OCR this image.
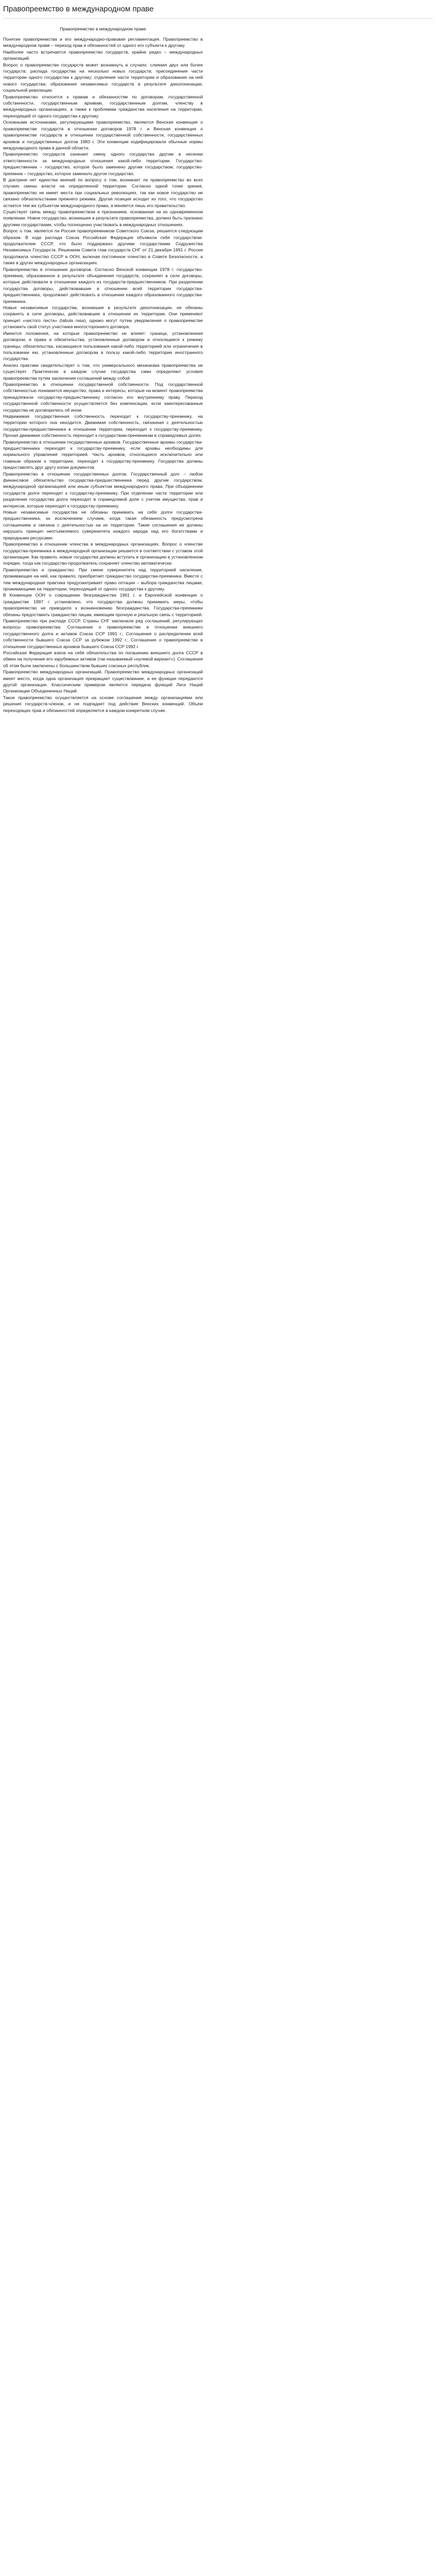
Правопреемство в международном праве

Правопреемство в международном праве

Понятие правопреемства и его международно-правовая регламентация. Правопреемство в международном праве – переход прав и обязанностей от одного его субъекта к другому.

Наиболее часто встречается правопреемство государств, крайне редко – международных организаций.

Вопрос о правопреемстве государств может возникнуть в случаях: слияния двух или более государств; распада государства на несколько новых государств; присоединения части территории одного государства к другому; отделения части территории и образования на ней нового государства; образования независимых государств в результате деколонизации; социальной революции.

Правопреемство относится к правам и обязанностям по договорам, государственной собственности, государственным архивам, государственным долгам, членству в международных организациях, а также к проблемам гражданства населения на территории, переходящей от одного государства к другому.

Основными источниками, регулирующими правопреемство, являются Венская конвенция о правопреемстве государств в отношении договоров 1978 г. и Венская конвенция о правопреемстве государств в отношении государственной собственности, государственных архивов и государственных долгов 1983 г. Эти конвенции кодифицировали обычные нормы международного права в данной области.

Правопреемство государств означает смену одного государства другим в несении ответственности за международные отношения какой-либо территории. Государство-предшественник – государство, которое было заменено другим государством; государство-преемник – государство, которое заменило другое государство.

В доктрине нет единства мнений по вопросу о том, возникает ли правопреемство во всех случаях смены власти на определенной территории. Согласно одной точке зрения, правопреемство не имеет места при социальных революциях, так как новое государство не связано обязательствами прежнего режима. Другая позиция исходит из того, что государство остается тем же субъектом международного права, а меняется лишь его правительство.

Существует связь между правопреемством и признанием, основанная на их одновременном появлении. Новое государство, возникшее в результате правопреемства, должно быть признано другими государствами, чтобы полноценно участвовать в международных отношениях.

Вопрос о том, является ли Россия правопреемником Советского Союза, решается следующим образом. В ходе распада Союза Российская Федерация объявила себя государством-продолжателем СССР, что было поддержано другими государствами Содружества Независимых Государств. Решением Совета глав государств СНГ от 21 декабря 1991 г. Россия продолжила членство СССР в ООН, включая постоянное членство в Совете Безопасности, а также в других международных организациях.

Правопреемство в отношении договоров. Согласно Венской конвенции 1978 г. государство-преемник, образованное в результате объединения государств, сохраняет в силе договоры, которые действовали в отношении каждого из государств-предшественников. При разделении государства договоры, действовавшие в отношении всей территории государства-предшественника, продолжают действовать в отношении каждого образованного государства-преемника.

Новые независимые государства, возникшие в результате деколонизации, не обязаны сохранять в силе договоры, действовавшие в отношении их территории. Они применяют принцип «чистого листа» (tabula rasa), однако могут путем уведомления о правопреемстве установить свой статус участника многостороннего договора.

Имеются положения, на которые правопреемство не влияет: граница, установленная договором, и права и обязательства, установленные договором и относящиеся к режиму границы; обязательства, касающиеся пользования какой-либо территорией или ограничения в пользовании ею, установленные договором в пользу какой-либо территории иностранного государства.

Анализ практики свидетельствует о том, что универсального механизма правопреемства не существует. Практически в каждом случае государства сами определяют условия правопреемства путем заключения соглашений между собой.

Правопреемство в отношении государственной собственности. Под государственной собственностью понимается имущество, права и интересы, которые на момент правопреемства принадлежали государству-предшественнику согласно его внутреннему праву. Переход государственной собственности осуществляется без компенсации, если заинтересованные государства не договорились об ином.

Недвижимая государственная собственность переходит к государству-преемнику, на территории которого она находится. Движимая собственность, связанная с деятельностью государства-предшественника в отношении территории, переходит к государству-преемнику. Прочая движимая собственность переходит к государствам-преемникам в справедливых долях.

Правопреемство в отношении государственных архивов. Государственные архивы государства-предшественника переходят к государству-преемнику, если архивы необходимы для нормального управления территорией. Часть архивов, относящаяся исключительно или главным образом к территории, переходит к государству-преемнику. Государства должны предоставлять друг другу копии документов.

Правопреемство в отношении государственных долгов. Государственный долг – любое финансовое обязательство государства-предшественника перед другим государством, международной организацией или иным субъектом международного права. При объединении государств долги переходят к государству-преемнику. При отделении части территории или разделении государства долги переходят в справедливой доле с учетом имущества, прав и интересов, которые переходят к государству-преемнику.

Новые независимые государства не обязаны принимать на себя долги государства-предшественника, за исключением случаев, когда такая обязанность предусмотрена соглашением и связана с деятельностью на их территории. Такие соглашения не должны нарушать принцип неотъемлемого суверенитета каждого народа над его богатствами и природными ресурсами.

Правопреемство в отношении членства в международных организациях. Вопрос о членстве государства-преемника в международной организации решается в соответствии с уставом этой организации. Как правило, новые государства должны вступать в организацию в установленном порядке, тогда как государство-продолжатель сохраняет членство автоматически.

Правопреемство и гражданство. При смене суверенитета над территорией население, проживающее на ней, как правило, приобретает гражданство государства-преемника. Вместе с тем международная практика предусматривает право оптации – выбора гражданства лицами, проживающими на территории, переходящей от одного государства к другому.

В Конвенции ООН о сокращении безгражданства 1961 г. и Европейской конвенции о гражданстве 1997 г. установлено, что государства должны принимать меры, чтобы правопреемство не приводило к возникновению безгражданства. Государства-преемники обязаны предоставить гражданство лицам, имеющим прочную и реальную связь с территорией.

Правопреемство при распаде СССР. Страны СНГ заключили ряд соглашений, регулирующих вопросы правопреемства: Соглашение о правопреемстве в отношении внешнего государственного долга и активов Союза ССР 1991 г.; Соглашение о распределении всей собственности бывшего Союза ССР за рубежом 1992 г.; Соглашение о правопреемстве в отношении государственных архивов бывшего Союза ССР 1992 г.

Российская Федерация взяла на себя обязательства по погашению внешнего долга СССР в обмен на получение его зарубежных активов (так называемый «нулевой вариант»). Соглашения об этом были заключены с большинством бывших союзных республик.

Правопреемство международных организаций. Правопреемство международных организаций имеет место, когда одна организация прекращает существование, а ее функции передаются другой организации. Классическим примером является передача функций Лиги Наций Организации Объединенных Наций.

Такое правопреемство осуществляется на основе соглашения между организациями или решения государств-членов, и не подпадает под действие Венских конвенций. Объем переходящих прав и обязанностей определяется в каждом конкретном случае.
